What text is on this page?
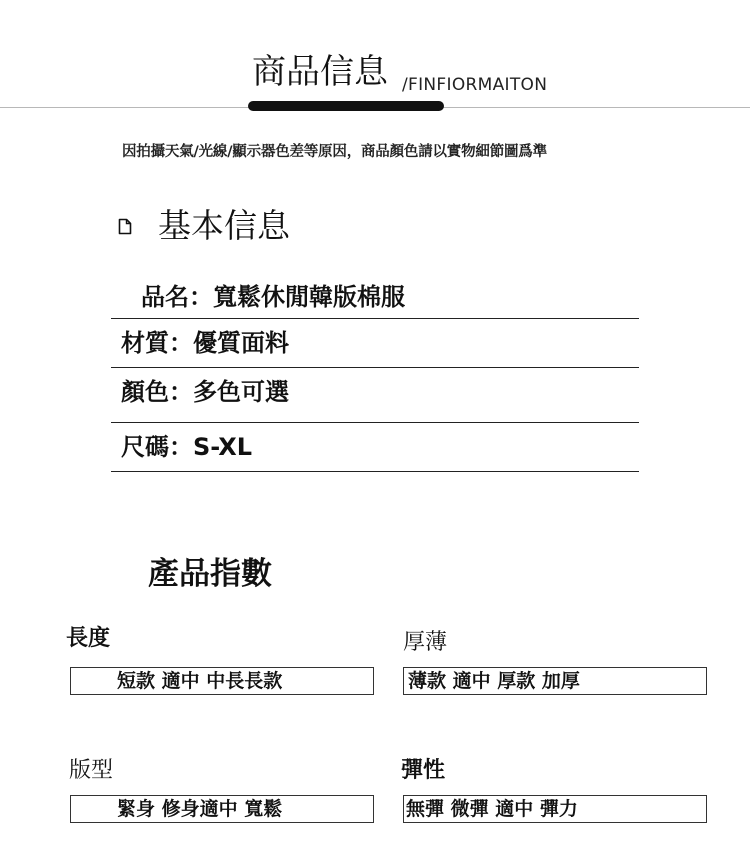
商品信息 /FINFIORMAITON
因拍攝天氣/光線/顯示器色差等原因，商品顏色請以實物細節圖爲準
基本信息
品名：寬鬆休閒韓版棉服
材質：優質面料
顏色：多色可選
尺碼：S-XL
產品指數
長度
短款 適中 中長長款
厚薄
薄款 適中 厚款 加厚
版型
緊身 修身適中 寬鬆
彈性
無彈 微彈 適中 彈力
